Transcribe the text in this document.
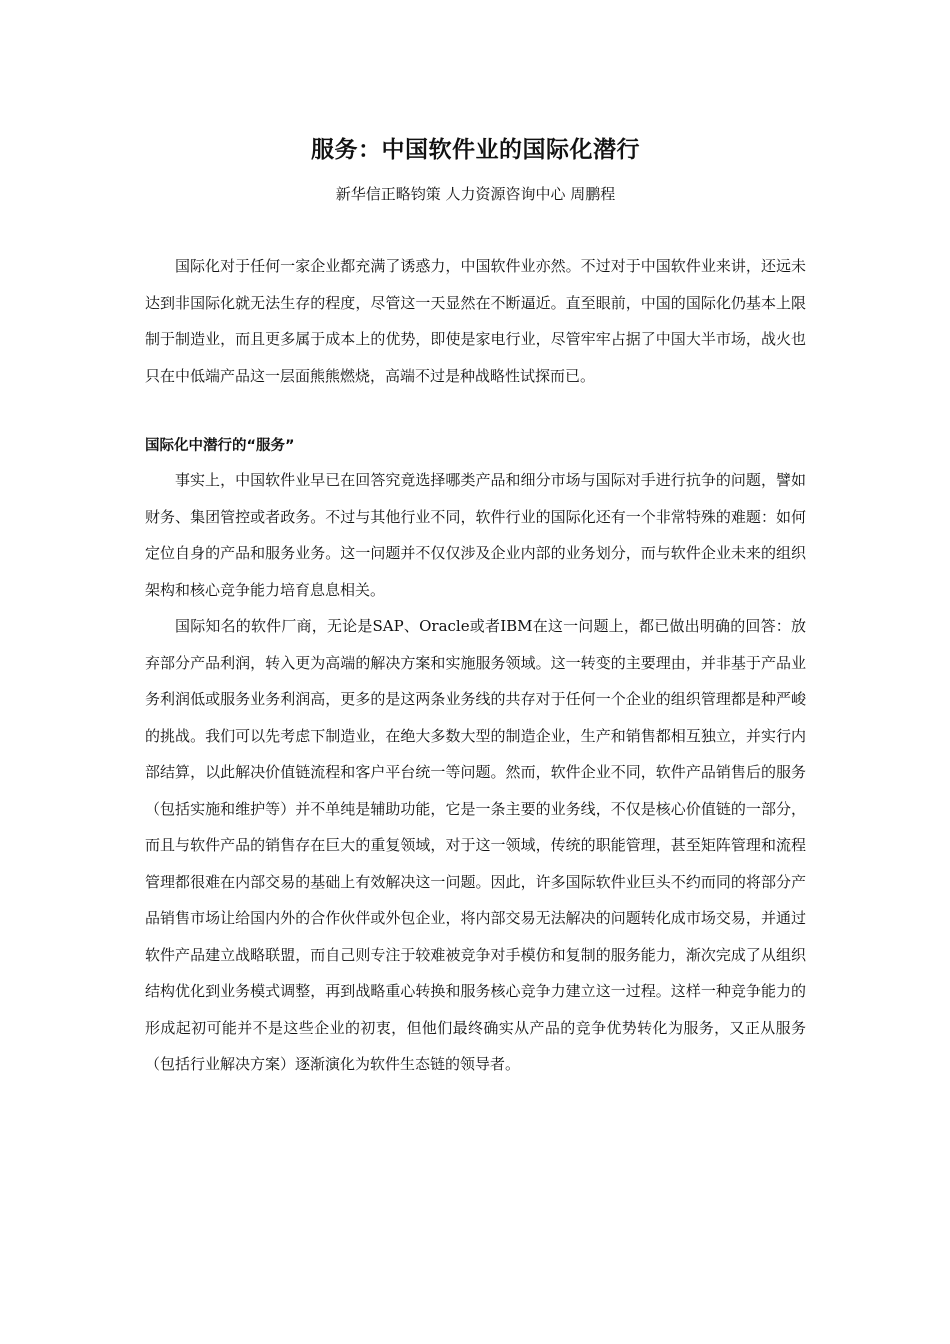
服务：中国软件业的国际化潜行

新华信正略钧策 人力资源咨询中心 周鹏程

国际化对于任何一家企业都充满了诱惑力，中国软件业亦然。不过对于中国软件业来讲，还远未达到非国际化就无法生存的程度，尽管这一天显然在不断逼近。直至眼前，中国的国际化仍基本上限制于制造业，而且更多属于成本上的优势，即使是家电行业，尽管牢牢占据了中国大半市场，战火也只在中低端产品这一层面熊熊燃烧，高端不过是种战略性试探而已。

国际化中潜行的“服务”

事实上，中国软件业早已在回答究竟选择哪类产品和细分市场与国际对手进行抗争的问题，譬如财务、集团管控或者政务。不过与其他行业不同，软件行业的国际化还有一个非常特殊的难题：如何定位自身的产品和服务业务。这一问题并不仅仅涉及企业内部的业务划分，而与软件企业未来的组织架构和核心竞争能力培育息息相关。

国际知名的软件厂商，无论是SAP、Oracle或者IBM在这一问题上，都已做出明确的回答：放弃部分产品利润，转入更为高端的解决方案和实施服务领域。这一转变的主要理由，并非基于产品业务利润低或服务业务利润高，更多的是这两条业务线的共存对于任何一个企业的组织管理都是种严峻的挑战。我们可以先考虑下制造业，在绝大多数大型的制造企业，生产和销售都相互独立，并实行内部结算，以此解决价值链流程和客户平台统一等问题。然而，软件企业不同，软件产品销售后的服务（包括实施和维护等）并不单纯是辅助功能，它是一条主要的业务线，不仅是核心价值链的一部分，而且与软件产品的销售存在巨大的重复领域，对于这一领域，传统的职能管理，甚至矩阵管理和流程管理都很难在内部交易的基础上有效解决这一问题。因此，许多国际软件业巨头不约而同的将部分产品销售市场让给国内外的合作伙伴或外包企业，将内部交易无法解决的问题转化成市场交易，并通过软件产品建立战略联盟，而自己则专注于较难被竞争对手模仿和复制的服务能力，渐次完成了从组织结构优化到业务模式调整，再到战略重心转换和服务核心竞争力建立这一过程。这样一种竞争能力的形成起初可能并不是这些企业的初衷，但他们最终确实从产品的竞争优势转化为服务，又正从服务（包括行业解决方案）逐渐演化为软件生态链的领导者。
